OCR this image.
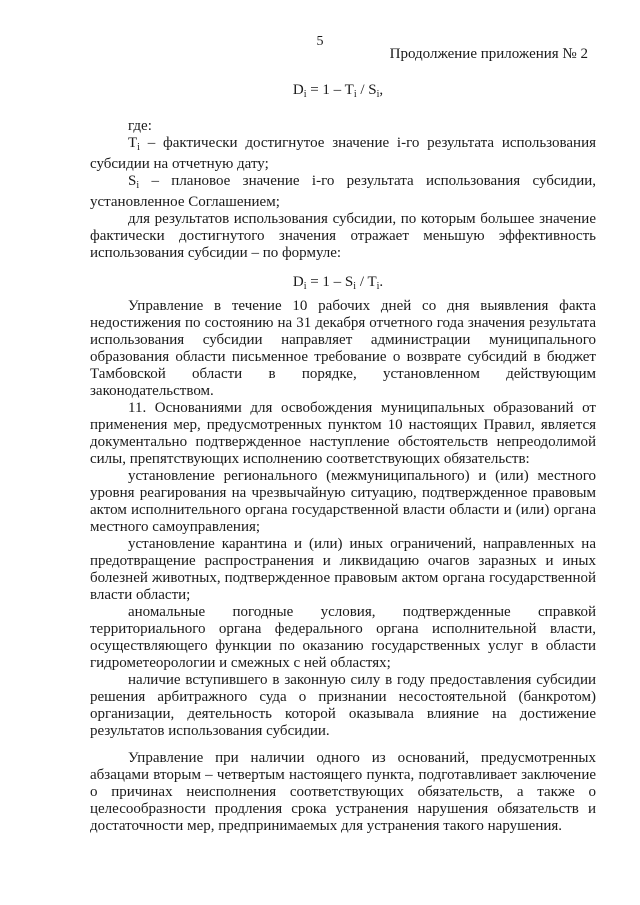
5
Продолжение приложения № 2
$D_i = 1 - T_i / S_i$,

где:

$T_i$ – фактически достигнутое значение i-го результата использования субсидии на отчетную дату;

$S_i$ – плановое значение i-го результата использования субсидии, установленное Соглашением;

для результатов использования субсидии, по которым большее значение фактически достигнутого значения отражает меньшую эффективность использования субсидии – по формуле:

$D_i = 1 - S_i / T_i$.

Управление в течение 10 рабочих дней со дня выявления факта недостижения по состоянию на 31 декабря отчетного года значения результата использования субсидии направляет администрации муниципального образования области письменное требование о возврате субсидий в бюджет Тамбовской области в порядке, установленном действующим законодательством.

11. Основаниями для освобождения муниципальных образований от применения мер, предусмотренных пунктом 10 настоящих Правил, является документально подтвержденное наступление обстоятельств непреодолимой силы, препятствующих исполнению соответствующих обязательств:

установление регионального (межмуниципального) и (или) местного уровня реагирования на чрезвычайную ситуацию, подтвержденное правовым актом исполнительного органа государственной власти области и (или) органа местного самоуправления;

установление карантина и (или) иных ограничений, направленных на предотвращение распространения и ликвидацию очагов заразных и иных болезней животных, подтвержденное правовым актом органа государственной власти области;

аномальные погодные условия, подтвержденные справкой территориального органа федерального органа исполнительной власти, осуществляющего функции по оказанию государственных услуг в области гидрометеорологии и смежных с ней областях;

наличие вступившего в законную силу в году предоставления субсидии решения арбитражного суда о признании несостоятельной (банкротом) организации, деятельность которой оказывала влияние на достижение результатов использования субсидии.

Управление при наличии одного из оснований, предусмотренных абзацами вторым – четвертым настоящего пункта, подготавливает заключение о причинах неисполнения соответствующих обязательств, а также о целесообразности продления срока устранения нарушения обязательств и достаточности мер, предпринимаемых для устранения такого нарушения.
